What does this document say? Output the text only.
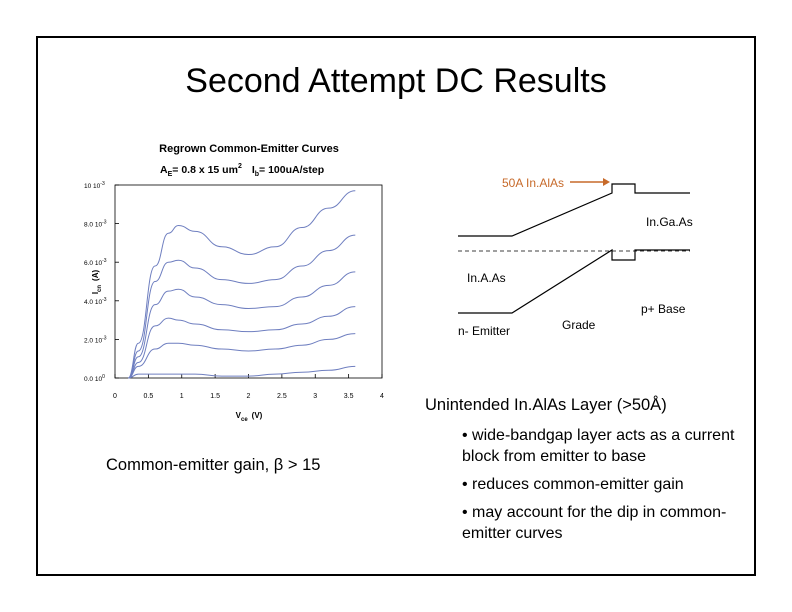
Second Attempt DC Results
Regrown Common-Emitter Curves
$A_E= 0.8$ x 15 $um^2$ $I_b=$ 100uA/step
0	0.5	1	1.5	2	2.5	3	3.5	4
0.0 $10^0$
2.0 $10^{-3}$
4.0 $10^{-3}$
6.0 $10^{-3}$
8.0 $10^{-3}$
10 $10^{-3}$
$V_{ce}$ (V)
$I_{cn}(A)$
50A In.AlAs
In.Ga.As
In.A.As
p+ Base
n- Emitter	Grade
Common-emitter gain, β > 15
Unintended In.AlAs Layer (>50Å)
• wide-bandgap layer acts as a current block from emitter to base
• reduces common-emitter gain
• may account for the dip in common-emitter curves
